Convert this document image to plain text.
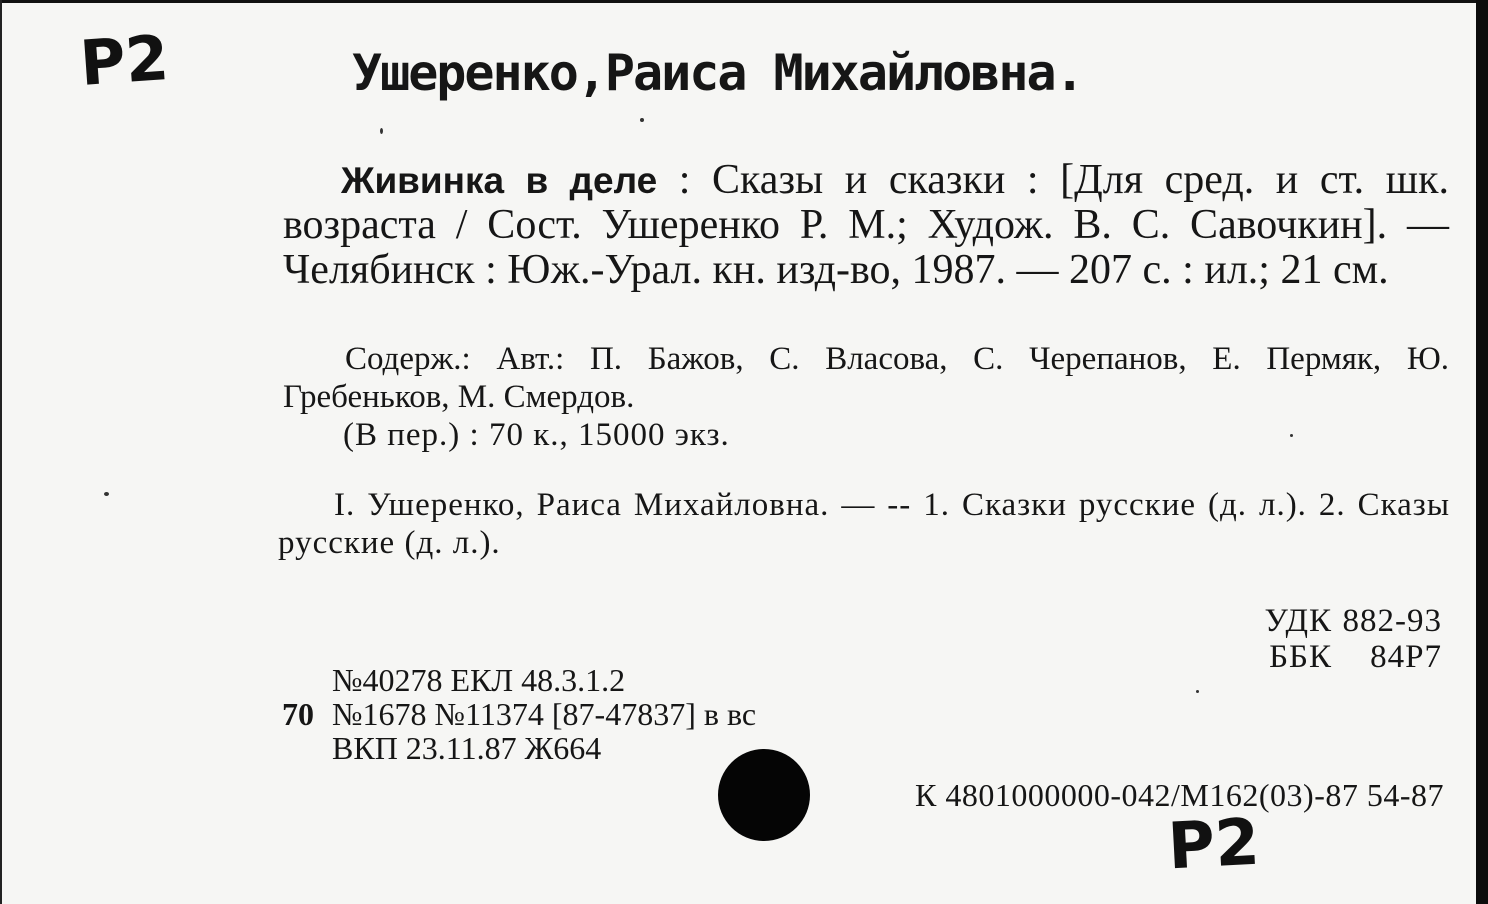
Р2	Ушеренко,Раиса Михайловна.

Живинка в деле : Сказы и сказки : [Для сред. и ст. шк. возраста / Сост. Ушеренко Р. М.; Худож. В. С. Савочкин]. — Челябинск : Юж.-Урал. кн. изд-во, 1987. — 207 с. : ил.; 21 см.

Содерж.: Авт.: П. Бажов, С. Власова, С. Черепанов, Е. Пермяк, Ю. Гребеньков, М. Смердов.

(В пер.) : 70 к., 15000 экз.

I. Ушеренко, Раиса Михайловна. — -- 1. Сказки русские (д. л.). 2. Сказы русские (д. л.).

УДК 882-93
ББК 84Р7

№40278 ЕКЛ 48.3.1.2

70 №1678 №11374 [87-47837] в вс

ВКП 23.11.87 Ж664

К 4801000000-042/М162(03)-87 54-87

Р2
